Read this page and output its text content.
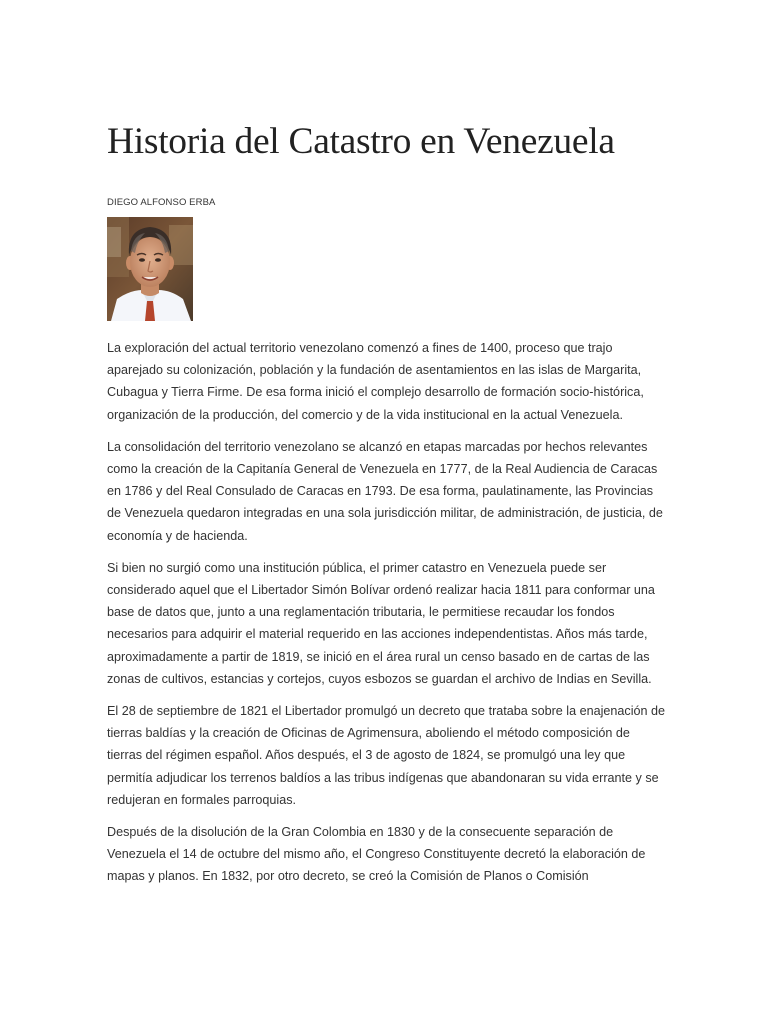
Historia del Catastro en Venezuela
DIEGO ALFONSO ERBA

La exploración del actual territorio venezolano comenzó a fines de 1400, proceso que trajo aparejado su colonización, población y la fundación de asentamientos en las islas de Margarita, Cubagua y Tierra Firme. De esa forma inició el complejo desarrollo de formación socio-histórica, organización de la producción, del comercio y de la vida institucional en la actual Venezuela.

La consolidación del territorio venezolano se alcanzó en etapas marcadas por hechos relevantes como la creación de la Capitanía General de Venezuela en 1777, de la Real Audiencia de Caracas en 1786 y del Real Consulado de Caracas en 1793. De esa forma, paulatinamente, las Provincias de Venezuela quedaron integradas en una sola jurisdicción militar, de administración, de justicia, de economía y de hacienda.

Si bien no surgió como una institución pública, el primer catastro en Venezuela puede ser considerado aquel que el Libertador Simón Bolívar ordenó realizar hacia 1811 para conformar una base de datos que, junto a una reglamentación tributaria, le permitiese recaudar los fondos necesarios para adquirir el material requerido en las acciones independentistas. Años más tarde, aproximadamente a partir de 1819, se inició en el área rural un censo basado en de cartas de las zonas de cultivos, estancias y cortejos, cuyos esbozos se guardan el archivo de Indias en Sevilla.

El 28 de septiembre de 1821 el Libertador promulgó un decreto que trataba sobre la enajenación de tierras baldías y la creación de Oficinas de Agrimensura, aboliendo el método composición de tierras del régimen español. Años después, el 3 de agosto de 1824, se promulgó una ley que permitía adjudicar los terrenos baldíos a las tribus indígenas que abandonaran su vida errante y se redujeran en formales parroquias.

Después de la disolución de la Gran Colombia en 1830 y de la consecuente separación de Venezuela el 14 de octubre del mismo año, el Congreso Constituyente decretó la elaboración de mapas y planos. En 1832, por otro decreto, se creó la Comisión de Planos o Comisión
